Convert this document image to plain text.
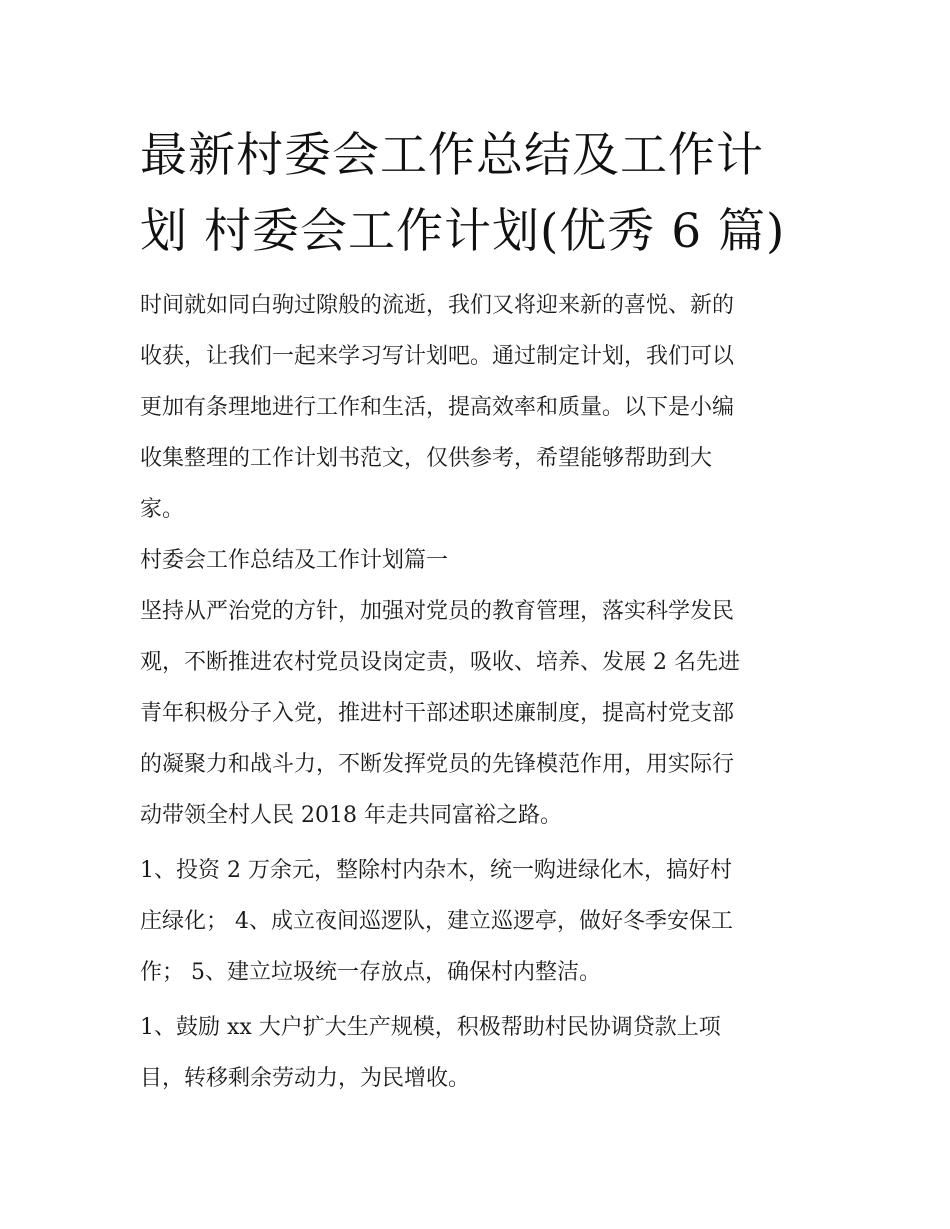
最新村委会工作总结及工作计
划 村委会工作计划(优秀 6 篇)
时间就如同白驹过隙般的流逝，我们又将迎来新的喜悦、新的
收获，让我们一起来学习写计划吧。通过制定计划，我们可以
更加有条理地进行工作和生活，提高效率和质量。以下是小编
收集整理的工作计划书范文，仅供参考，希望能够帮助到大
家。
村委会工作总结及工作计划篇一
坚持从严治党的方针，加强对党员的教育管理，落实科学发民
观，不断推进农村党员设岗定责，吸收、培养、发展 2 名先进
青年积极分子入党，推进村干部述职述廉制度，提高村党支部
的凝聚力和战斗力，不断发挥党员的先锋模范作用，用实际行
动带领全村人民 2018 年走共同富裕之路。
1、投资 2 万余元，整除村内杂木，统一购进绿化木，搞好村
庄绿化； 4、成立夜间巡逻队，建立巡逻亭，做好冬季安保工
作； 5、建立垃圾统一存放点，确保村内整洁。
1、鼓励 xx 大户扩大生产规模，积极帮助村民协调贷款上项
目，转移剩余劳动力，为民增收。
